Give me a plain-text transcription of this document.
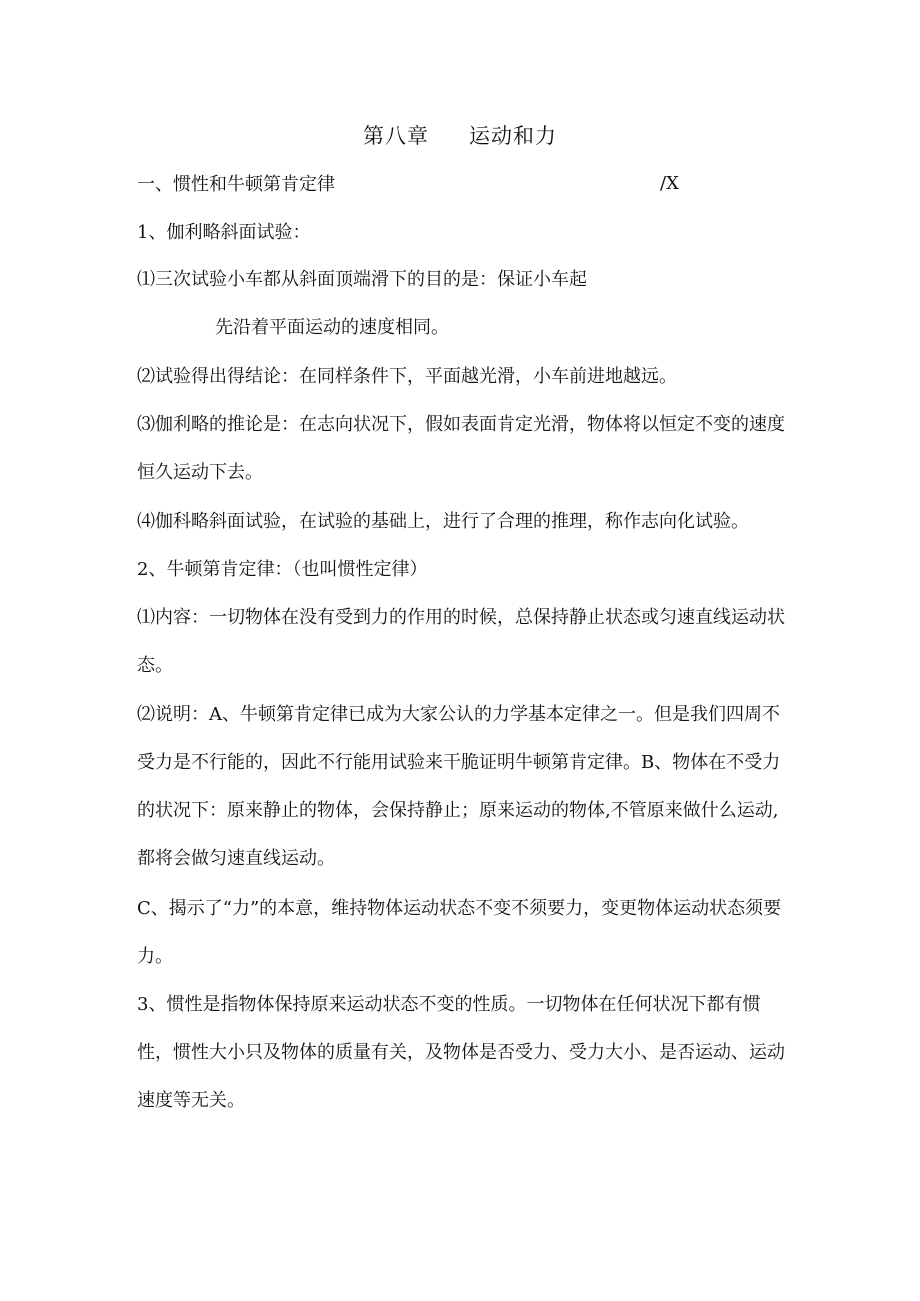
第八章 运动和力
一、惯性和牛顿第肯定律	/X
1、伽利略斜面试验：
⑴三次试验小车都从斜面顶端滑下的目的是：保证小车起
先沿着平面运动的速度相同。
⑵试验得出得结论：在同样条件下，平面越光滑，小车前进地越远。
⑶伽利略的推论是：在志向状况下，假如表面肯定光滑，物体将以恒定不变的速度恒久运动下去。
⑷伽科略斜面试验，在试验的基础上，进行了合理的推理，称作志向化试验。
2、牛顿第肯定律：（也叫惯性定律）
⑴内容：一切物体在没有受到力的作用的时候，总保持静止状态或匀速直线运动状态。
⑵说明：A、牛顿第肯定律已成为大家公认的力学基本定律之一。但是我们四周不受力是不行能的，因此不行能用试验来干脆证明牛顿第肯定律。B、物体在不受力的状况下：原来静止的物体，会保持静止；原来运动的物体,不管原来做什么运动,都将会做匀速直线运动。
C、揭示了“力”的本意，维持物体运动状态不变不须要力，变更物体运动状态须要力。
3、惯性是指物体保持原来运动状态不变的性质。一切物体在任何状况下都有惯性，惯性大小只及物体的质量有关，及物体是否受力、受力大小、是否运动、运动速度等无关。
